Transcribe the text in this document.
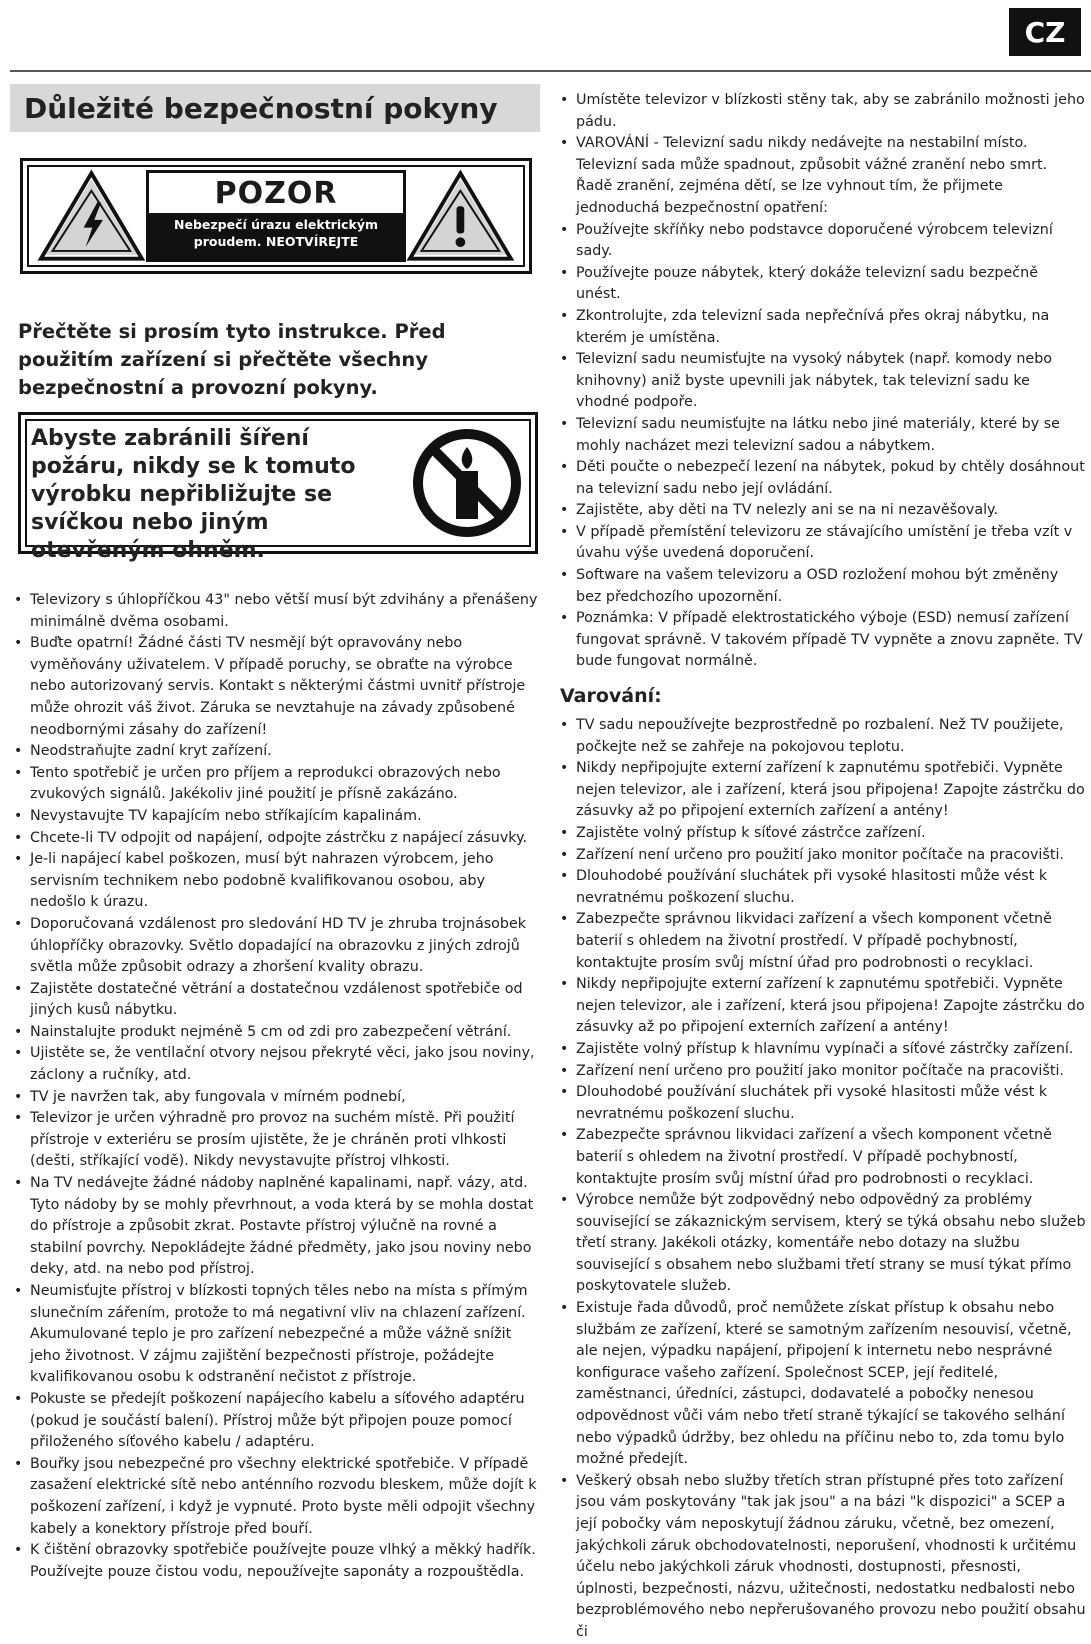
CZ
Důležité bezpečnostní pokyny
POZOR
Nebezpečí úrazu elektrickým
proudem. NEOTVÍREJTE
Přečtěte si prosím tyto instrukce. Před použitím zařízení si přečtěte všechny bezpečnostní a provozní pokyny.
Abyste zabránili šíření požáru, nikdy se k tomuto výrobku nepřibližujte se svíčkou nebo jiným otevřeným ohněm.
• Televizory s úhlopříčkou 43" nebo větší musí být zdvihány a přenášeny minimálně dvěma osobami.
• Buďte opatrní! Žádné části TV nesmějí být opravovány nebo vyměňovány uživatelem. V případě poruchy, se obraťte na výrobce nebo autorizovaný servis. Kontakt s některými částmi uvnitř přístroje může ohrozit váš život. Záruka se nevztahuje na závady způsobené neodbornými zásahy do zařízení!
• Neodstraňujte zadní kryt zařízení.
• Tento spotřebič je určen pro příjem a reprodukci obrazových nebo zvukových signálů. Jakékoliv jiné použití je přísně zakázáno.
• Nevystavujte TV kapajícím nebo stříkajícím kapalinám.
• Chcete-li TV odpojit od napájení, odpojte zástrčku z napájecí zásuvky.
• Je-li napájecí kabel poškozen, musí být nahrazen výrobcem, jeho servisním technikem nebo podobně kvalifikovanou osobou, aby nedošlo k úrazu.
• Doporučovaná vzdálenost pro sledování HD TV je zhruba trojnásobek úhlopříčky obrazovky. Světlo dopadající na obrazovku z jiných zdrojů světla může způsobit odrazy a zhoršení kvality obrazu.
• Zajistěte dostatečné větrání a dostatečnou vzdálenost spotřebiče od jiných kusů nábytku.
• Nainstalujte produkt nejméně 5 cm od zdi pro zabezpečení větrání.
• Ujistěte se, že ventilační otvory nejsou překryté věci, jako jsou noviny, záclony a ručníky, atd.
• TV je navržen tak, aby fungovala v mírném podnebí,
• Televizor je určen výhradně pro provoz na suchém místě. Při použití přístroje v exteriéru se prosím ujistěte, že je chráněn proti vlhkosti (dešti, stříkající vodě). Nikdy nevystavujte přístroj vlhkosti.
• Na TV nedávejte žádné nádoby naplněné kapalinami, např. vázy, atd. Tyto nádoby by se mohly převrhnout, a voda která by se mohla dostat do přístroje a způsobit zkrat. Postavte přístroj výlučně na rovné a stabilní povrchy. Nepokládejte žádné předměty, jako jsou noviny nebo deky, atd. na nebo pod přístroj.
• Neumisťujte přístroj v blízkosti topných těles nebo na místa s přímým slunečním zářením, protože to má negativní vliv na chlazení zařízení. Akumulované teplo je pro zařízení nebezpečné a může vážně snížit jeho životnost. V zájmu zajištění bezpečnosti přístroje, požádejte kvalifikovanou osobu k odstranění nečistot z přístroje.
• Pokuste se předejít poškození napájecího kabelu a síťového adaptéru (pokud je součástí balení). Přístroj může být připojen pouze pomocí přiloženého síťového kabelu / adaptéru.
• Bouřky jsou nebezpečné pro všechny elektrické spotřebiče. V případě zasažení elektrické sítě nebo anténního rozvodu bleskem, může dojít k poškození zařízení, i když je vypnuté. Proto byste měli odpojit všechny kabely a konektory přístroje před bouří.
• K čištění obrazovky spotřebiče používejte pouze vlhký a měkký hadřík. Používejte pouze čistou vodu, nepoužívejte saponáty a rozpouštědla.
• Umístěte televizor v blízkosti stěny tak, aby se zabránilo možnosti jeho pádu.
• VAROVÁNÍ - Televizní sadu nikdy nedávejte na nestabilní místo. Televizní sada může spadnout, způsobit vážné zranění nebo smrt. Řadě zranění, zejména dětí, se lze vyhnout tím, že přijmete jednoduchá bezpečnostní opatření:
• Používejte skříňky nebo podstavce doporučené výrobcem televizní sady.
• Používejte pouze nábytek, který dokáže televizní sadu bezpečně unést.
• Zkontrolujte, zda televizní sada nepřečnívá přes okraj nábytku, na kterém je umístěna.
• Televizní sadu neumisťujte na vysoký nábytek (např. komody nebo knihovny) aniž byste upevnili jak nábytek, tak televizní sadu ke vhodné podpoře.
• Televizní sadu neumisťujte na látku nebo jiné materiály, které by se mohly nacházet mezi televizní sadou a nábytkem.
• Děti poučte o nebezpečí lezení na nábytek, pokud by chtěly dosáhnout na televizní sadu nebo její ovládání.
• Zajistěte, aby děti na TV nelezly ani se na ni nezavěšovaly.
• V případě přemístění televizoru ze stávajícího umístění je třeba vzít v úvahu výše uvedená doporučení.
• Software na vašem televizoru a OSD rozložení mohou být změněny bez předchozího upozornění.
• Poznámka: V případě elektrostatického výboje (ESD) nemusí zařízení fungovat správně. V takovém případě TV vypněte a znovu zapněte. TV bude fungovat normálně.
Varování:
• TV sadu nepoužívejte bezprostředně po rozbalení. Než TV použijete, počkejte než se zahřeje na pokojovou teplotu.
• Nikdy nepřipojujte externí zařízení k zapnutému spotřebiči. Vypněte nejen televizor, ale i zařízení, která jsou připojena! Zapojte zástrčku do zásuvky až po připojení externích zařízení a antény!
• Zajistěte volný přístup k síťové zástrčce zařízení.
• Zařízení není určeno pro použití jako monitor počítače na pracovišti.
• Dlouhodobé používání sluchátek při vysoké hlasitosti může vést k nevratnému poškození sluchu.
• Zabezpečte správnou likvidaci zařízení a všech komponent včetně baterií s ohledem na životní prostředí. V případě pochybností, kontaktujte prosím svůj místní úřad pro podrobnosti o recyklaci.
• Nikdy nepřipojujte externí zařízení k zapnutému spotřebiči. Vypněte nejen televizor, ale i zařízení, která jsou připojena! Zapojte zástrčku do zásuvky až po připojení externích zařízení a antény!
• Zajistěte volný přístup k hlavnímu vypínači a síťové zástrčky zařízení.
• Zařízení není určeno pro použití jako monitor počítače na pracovišti.
• Dlouhodobé používání sluchátek při vysoké hlasitosti může vést k nevratnému poškození sluchu.
• Zabezpečte správnou likvidaci zařízení a všech komponent včetně baterií s ohledem na životní prostředí. V případě pochybností, kontaktujte prosím svůj místní úřad pro podrobnosti o recyklaci.
• Výrobce nemůže být zodpovědný nebo odpovědný za problémy související se zákaznickým servisem, který se týká obsahu nebo služeb třetí strany. Jakékoli otázky, komentáře nebo dotazy na službu související s obsahem nebo službami třetí strany se musí týkat přímo poskytovatele služeb.
• Existuje řada důvodů, proč nemůžete získat přístup k obsahu nebo službám ze zařízení, které se samotným zařízením nesouvisí, včetně, ale nejen, výpadku napájení, připojení k internetu nebo nesprávné konfigurace vašeho zařízení. Společnost SCEP, její ředitelé, zaměstnanci, úředníci, zástupci, dodavatelé a pobočky nenesou odpovědnost vůči vám nebo třetí straně týkající se takového selhání nebo výpadků údržby, bez ohledu na příčinu nebo to, zda tomu bylo možné předejít.
• Veškerý obsah nebo služby třetích stran přístupné přes toto zařízení jsou vám poskytovány "tak jak jsou" a na bázi "k dispozici" a SCEP a její pobočky vám neposkytují žádnou záruku, včetně, bez omezení, jakýchkoli záruk obchodovatelnosti, neporušení, vhodnosti k určitému účelu nebo jakýchkoli záruk vhodnosti, dostupnosti, přesnosti, úplnosti, bezpečnosti, názvu, užitečnosti, nedostatku nedbalosti nebo bezproblémového nebo nepřerušovaného provozu nebo použití obsahu či
